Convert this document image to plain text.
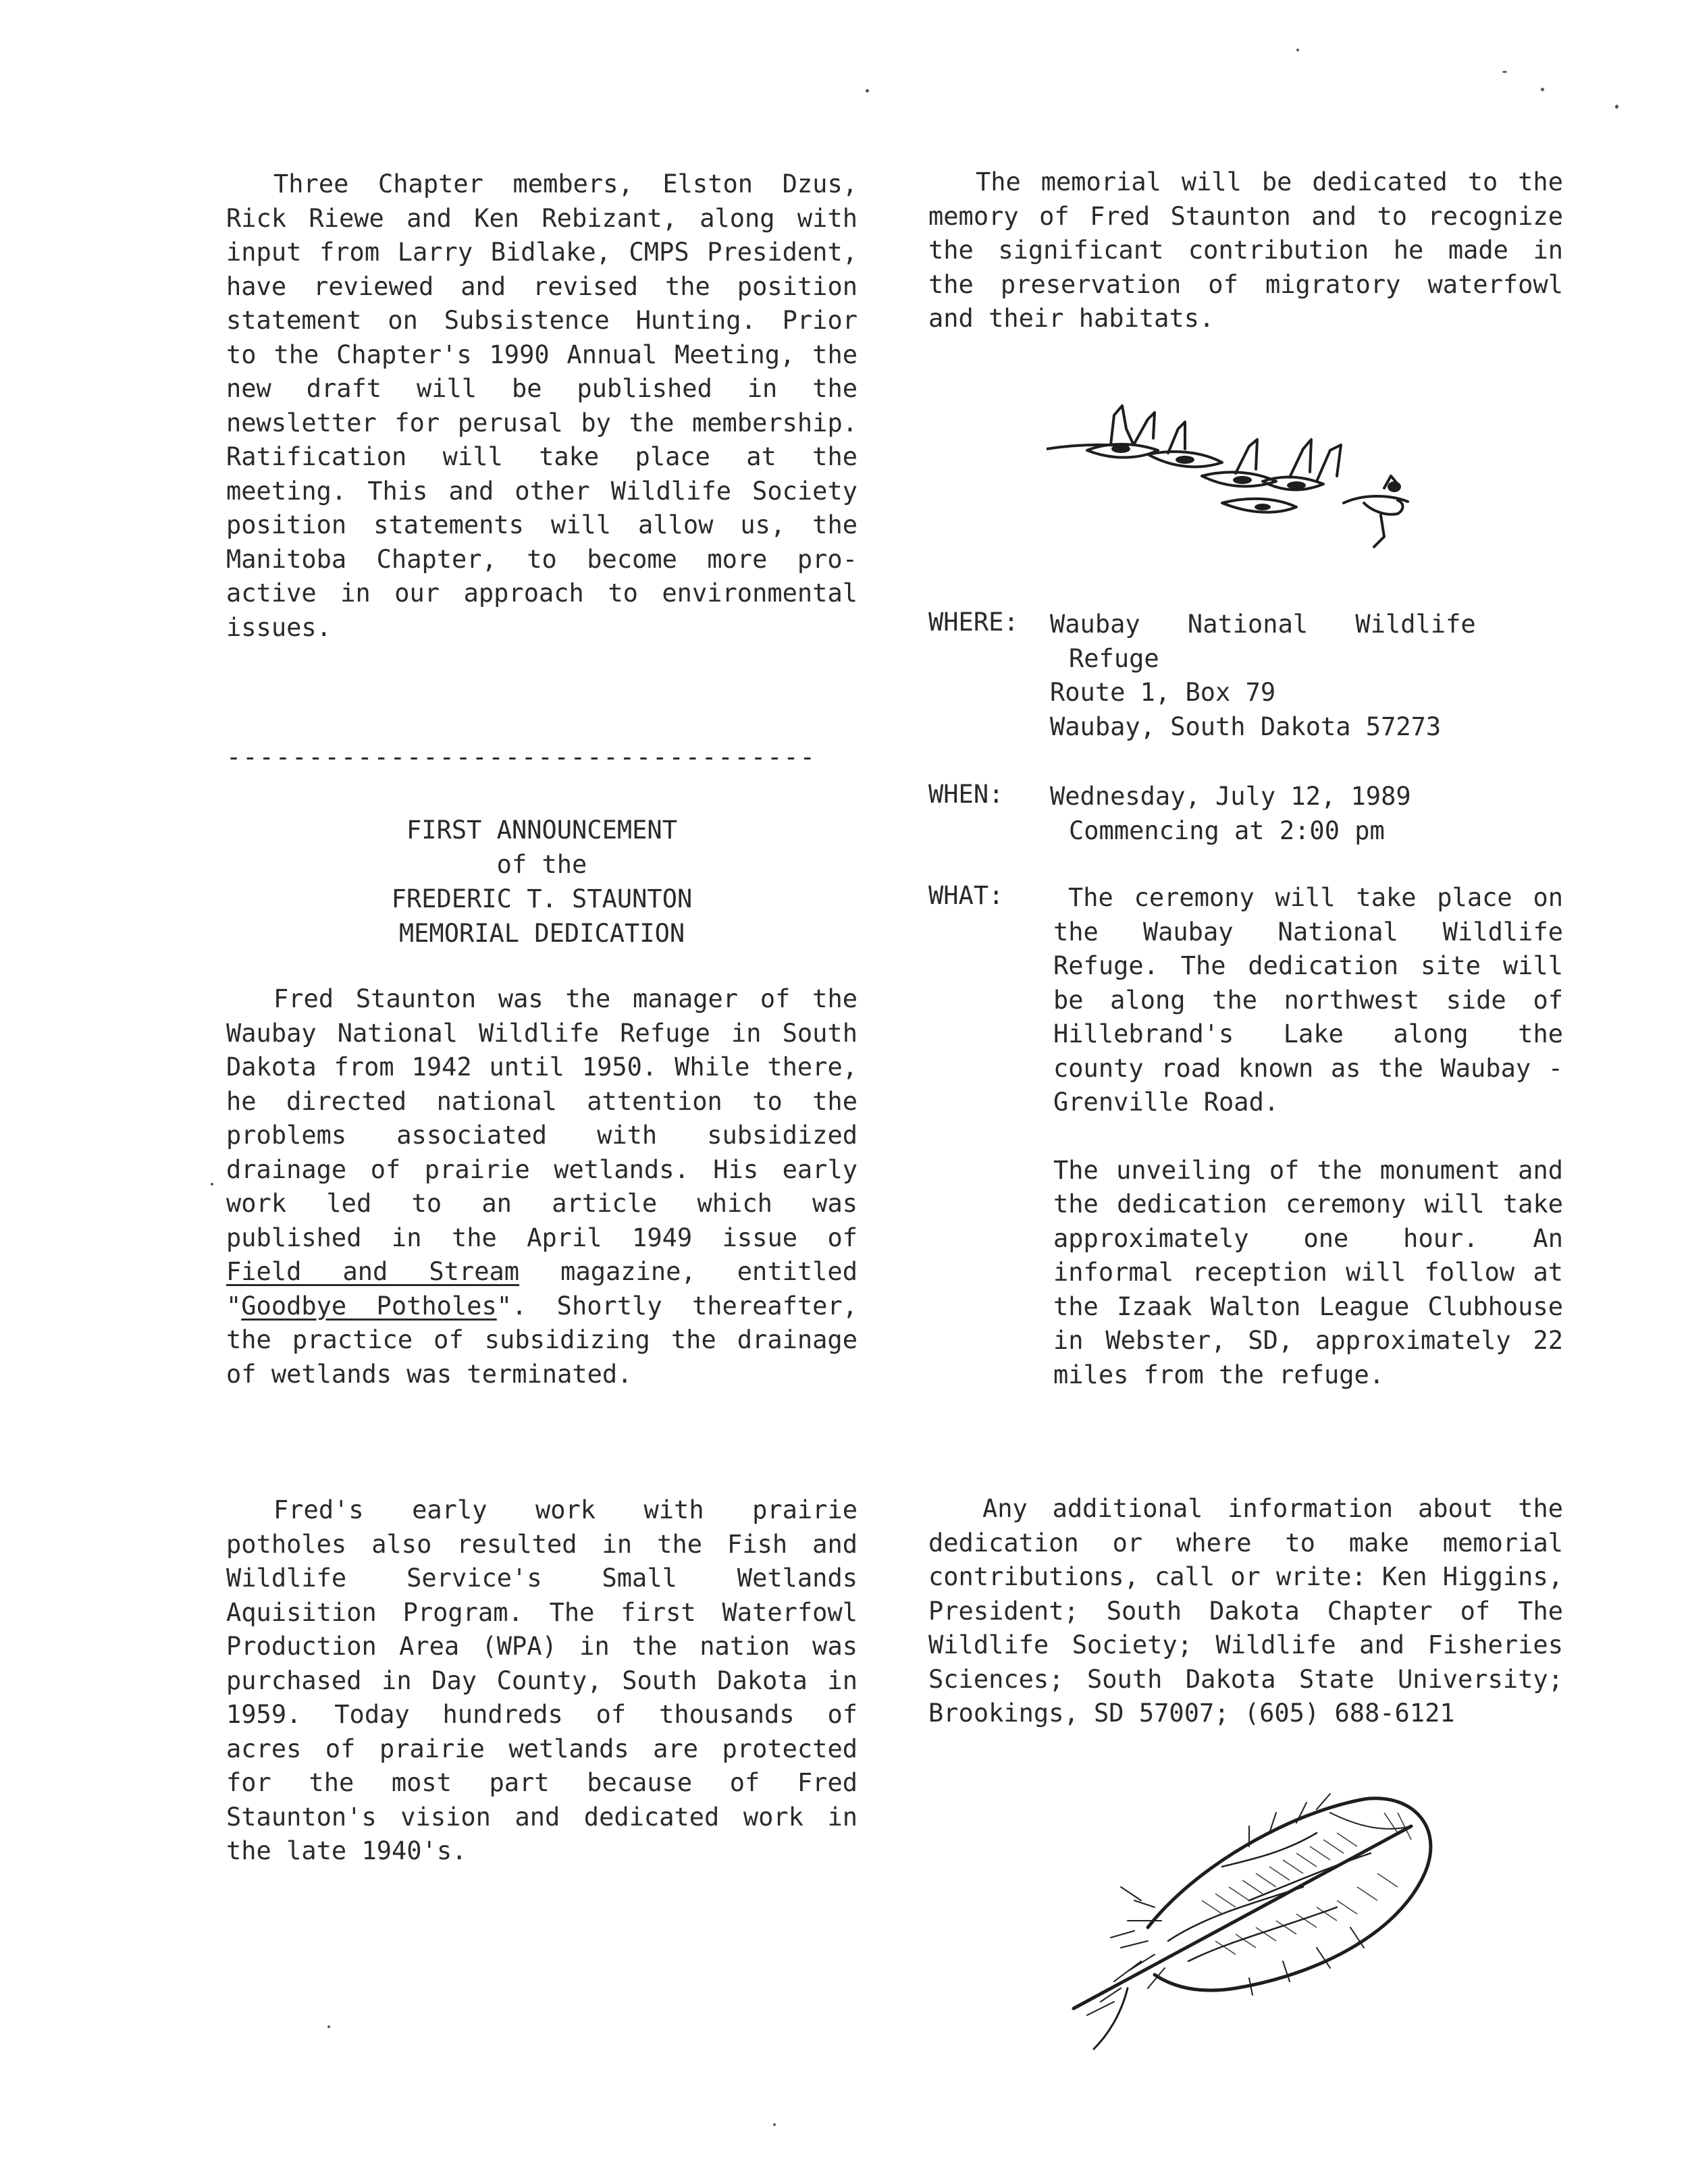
Three Chapter members, Elston Dzus, Rick Riewe and Ken Rebizant, along with input from Larry Bidlake, CMPS President, have reviewed and revised the position statement on Subsistence Hunting. Prior to the Chapter's 1990 Annual Meeting, the new draft will be published in the newsletter for perusal by the membership. Ratification will take place at the meeting. This and other Wildlife Society position statements will allow us, the Manitoba Chapter, to become more pro-active in our approach to environmental issues.

------------------------------------
FIRST ANNOUNCEMENT
of the
FREDERIC T. STAUNTON
MEMORIAL DEDICATION

Fred Staunton was the manager of the Waubay National Wildlife Refuge in South Dakota from 1942 until 1950. While there, he directed national attention to the problems associated with subsidized drainage of prairie wetlands. His early work led to an article which was published in the April 1949 issue of Field and Stream magazine, entitled "Goodbye Potholes". Shortly thereafter, the practice of subsidizing the drainage of wetlands was terminated.

Fred's early work with prairie potholes also resulted in the Fish and Wildlife Service's Small Wetlands Aquisition Program. The first Waterfowl Production Area (WPA) in the nation was purchased in Day County, South Dakota in 1959. Today hundreds of thousands of acres of prairie wetlands are protected for the most part because of Fred Staunton's vision and dedicated work in the late 1940's.

The memorial will be dedicated to the memory of Fred Staunton and to recognize the significant contribution he made in the preservation of migratory waterfowl and their habitats.

WHERE:	Waubay National Wildlife
Refuge
Route 1, Box 79
Waubay, South Dakota 57273
WHEN:	Wednesday, July 12, 1989
Commencing at 2:00 pm
WHAT:	The ceremony will take place on the Waubay National Wildlife Refuge. The dedication site will be along the northwest side of Hillebrand's Lake along the county road known as the Waubay -Grenville Road.

The unveiling of the monument and the dedication ceremony will take approximately one hour. An informal reception will follow at the Izaak Walton League Clubhouse in Webster, SD, approximately 22 miles from the refuge.

Any additional information about the dedication or where to make memorial contributions, call or write: Ken Higgins, President; South Dakota Chapter of The Wildlife Society; Wildlife and Fisheries Sciences; South Dakota State University; Brookings, SD 57007; (605) 688-6121
